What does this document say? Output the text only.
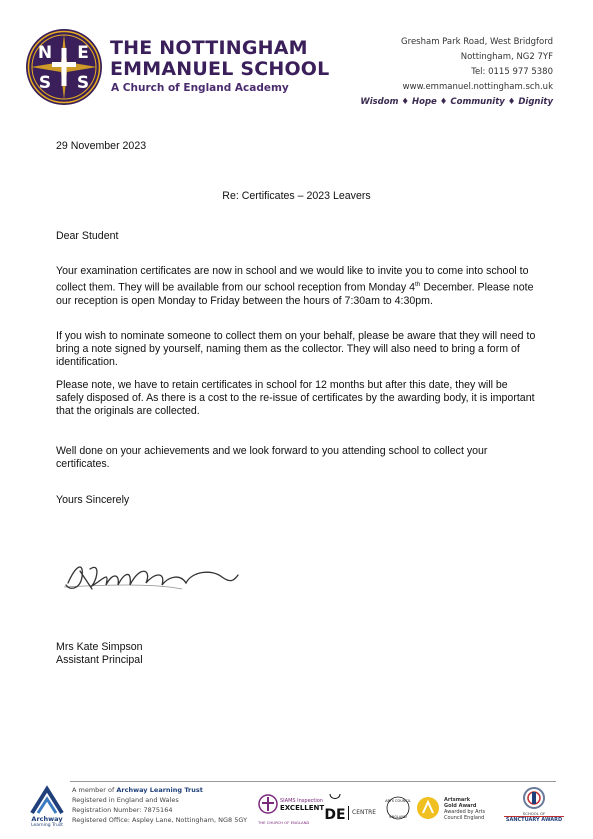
N E
S S
THE NOTTINGHAM
EMMANUEL SCHOOL
A Church of England Academy
Gresham Park Road, West Bridgford
Nottingham, NG2 7YF
Tel: 0115 977 5380
www.emmanuel.nottingham.sch.uk
Wisdom ♦ Hope ♦ Community ♦ Dignity
29 November 2023
Re: Certificates – 2023 Leavers
Dear Student
Your examination certificates are now in school and we would like to invite you to come into school to collect them. They will be available from our school reception from Monday 4th December. Please note our reception is open Monday to Friday between the hours of 7:30am to 4:30pm.
If you wish to nominate someone to collect them on your behalf, please be aware that they will need to bring a note signed by yourself, naming them as the collector. They will also need to bring a form of identification.
Please note, we have to retain certificates in school for 12 months but after this date, they will be safely disposed of. As there is a cost to the re-issue of certificates by the awarding body, it is important that the originals are collected.
Well done on your achievements and we look forward to you attending school to collect your certificates.
Yours Sincerely
Mrs Kate Simpson
Assistant Principal
Archway
Learning Trust
A member of Archway Learning Trust
Registered in England and Wales
Registration Number: 7875164
Registered Office: Aspley Lane, Nottingham, NG8 5GY	THE CHURCH OF ENGLAND
SIAMS Inspection
EXCELLENT DE CENTRE
ARTS COUNCIL
ENGLAND
Artsmark
Gold Award
Awarded by Arts
Council England
SCHOOL OF
SANCTUARY AWARD
